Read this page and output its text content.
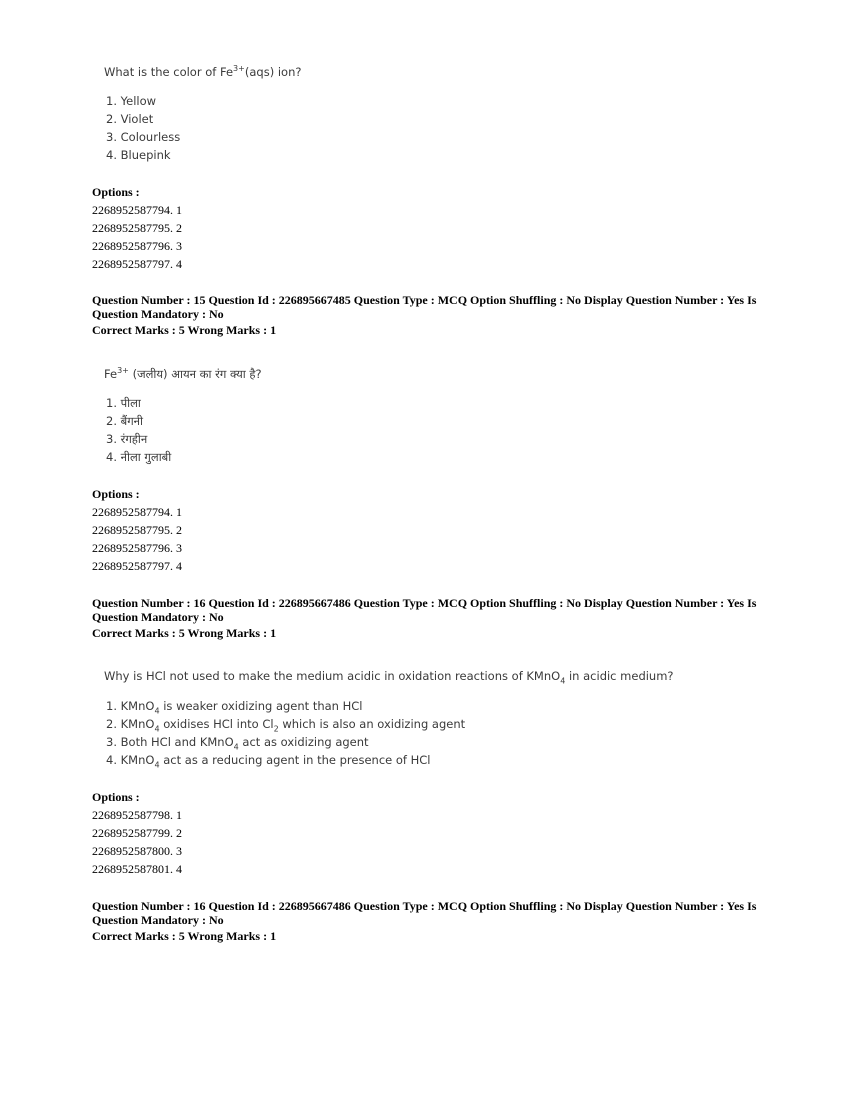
What is the color of $Fe^{3+}(aqs)$ ion?
1. Yellow
2. Violet
3. Colourless
4. Bluepink
Options :
2268952587794. 1
2268952587795. 2
2268952587796. 3
2268952587797. 4

Question Number : 15 Question Id : 226895667485 Question Type : MCQ Option Shuffling : No Display Question Number : Yes Is

Question Mandatory : No

Correct Marks : 5 Wrong Marks : 1

$Fe^{3+}$ (जलीय) आयन का रंग क्या है?
1. पीला
2. बैंगनी
3. रंगहीन
4. नीला गुलाबी
Options :
2268952587794. 1
2268952587795. 2
2268952587796. 3
2268952587797. 4

Question Number : 16 Question Id : 226895667486 Question Type : MCQ Option Shuffling : No Display Question Number : Yes Is

Question Mandatory : No

Correct Marks : 5 Wrong Marks : 1

Why is HCl not used to make the medium acidic in oxidation reactions of KMnO$_4$ in acidic medium?
1. KMnO$_4$ is weaker oxidizing agent than HCl
2. KMnO$_4$ oxidises HCl into $Cl_2$ which is also an oxidizing agent
3. Both HCl and KMnO$_4$ act as oxidizing agent
4. KMnO$_4$ act as a reducing agent in the presence of HCl
Options :
2268952587798. 1
2268952587799. 2
2268952587800. 3
2268952587801. 4

Question Number : 16 Question Id : 226895667486 Question Type : MCQ Option Shuffling : No Display Question Number : Yes Is

Question Mandatory : No

Correct Marks : 5 Wrong Marks : 1
